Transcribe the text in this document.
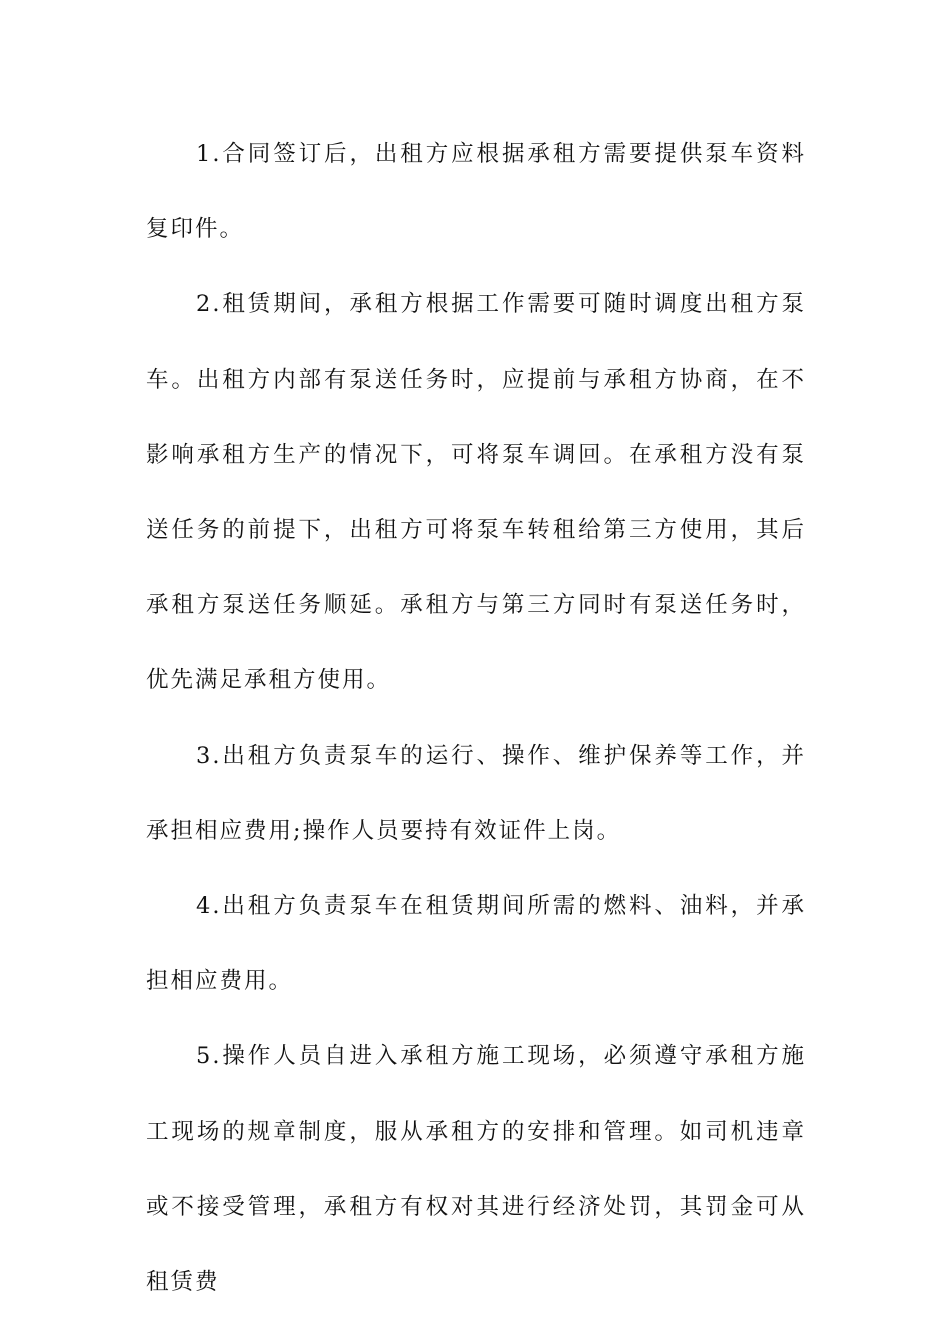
1.合同签订后，出租方应根据承租方需要提供泵车资料复印件。

2.租赁期间，承租方根据工作需要可随时调度出租方泵车。出租方内部有泵送任务时，应提前与承租方协商，在不影响承租方生产的情况下，可将泵车调回。在承租方没有泵送任务的前提下，出租方可将泵车转租给第三方使用，其后承租方泵送任务顺延。承租方与第三方同时有泵送任务时，优先满足承租方使用。

3.出租方负责泵车的运行、操作、维护保养等工作，并承担相应费用;操作人员要持有效证件上岗。

4.出租方负责泵车在租赁期间所需的燃料、油料，并承担相应费用。

5.操作人员自进入承租方施工现场，必须遵守承租方施工现场的规章制度，服从承租方的安排和管理。如司机违章或不接受管理，承租方有权对其进行经济处罚，其罚金可从租赁费
